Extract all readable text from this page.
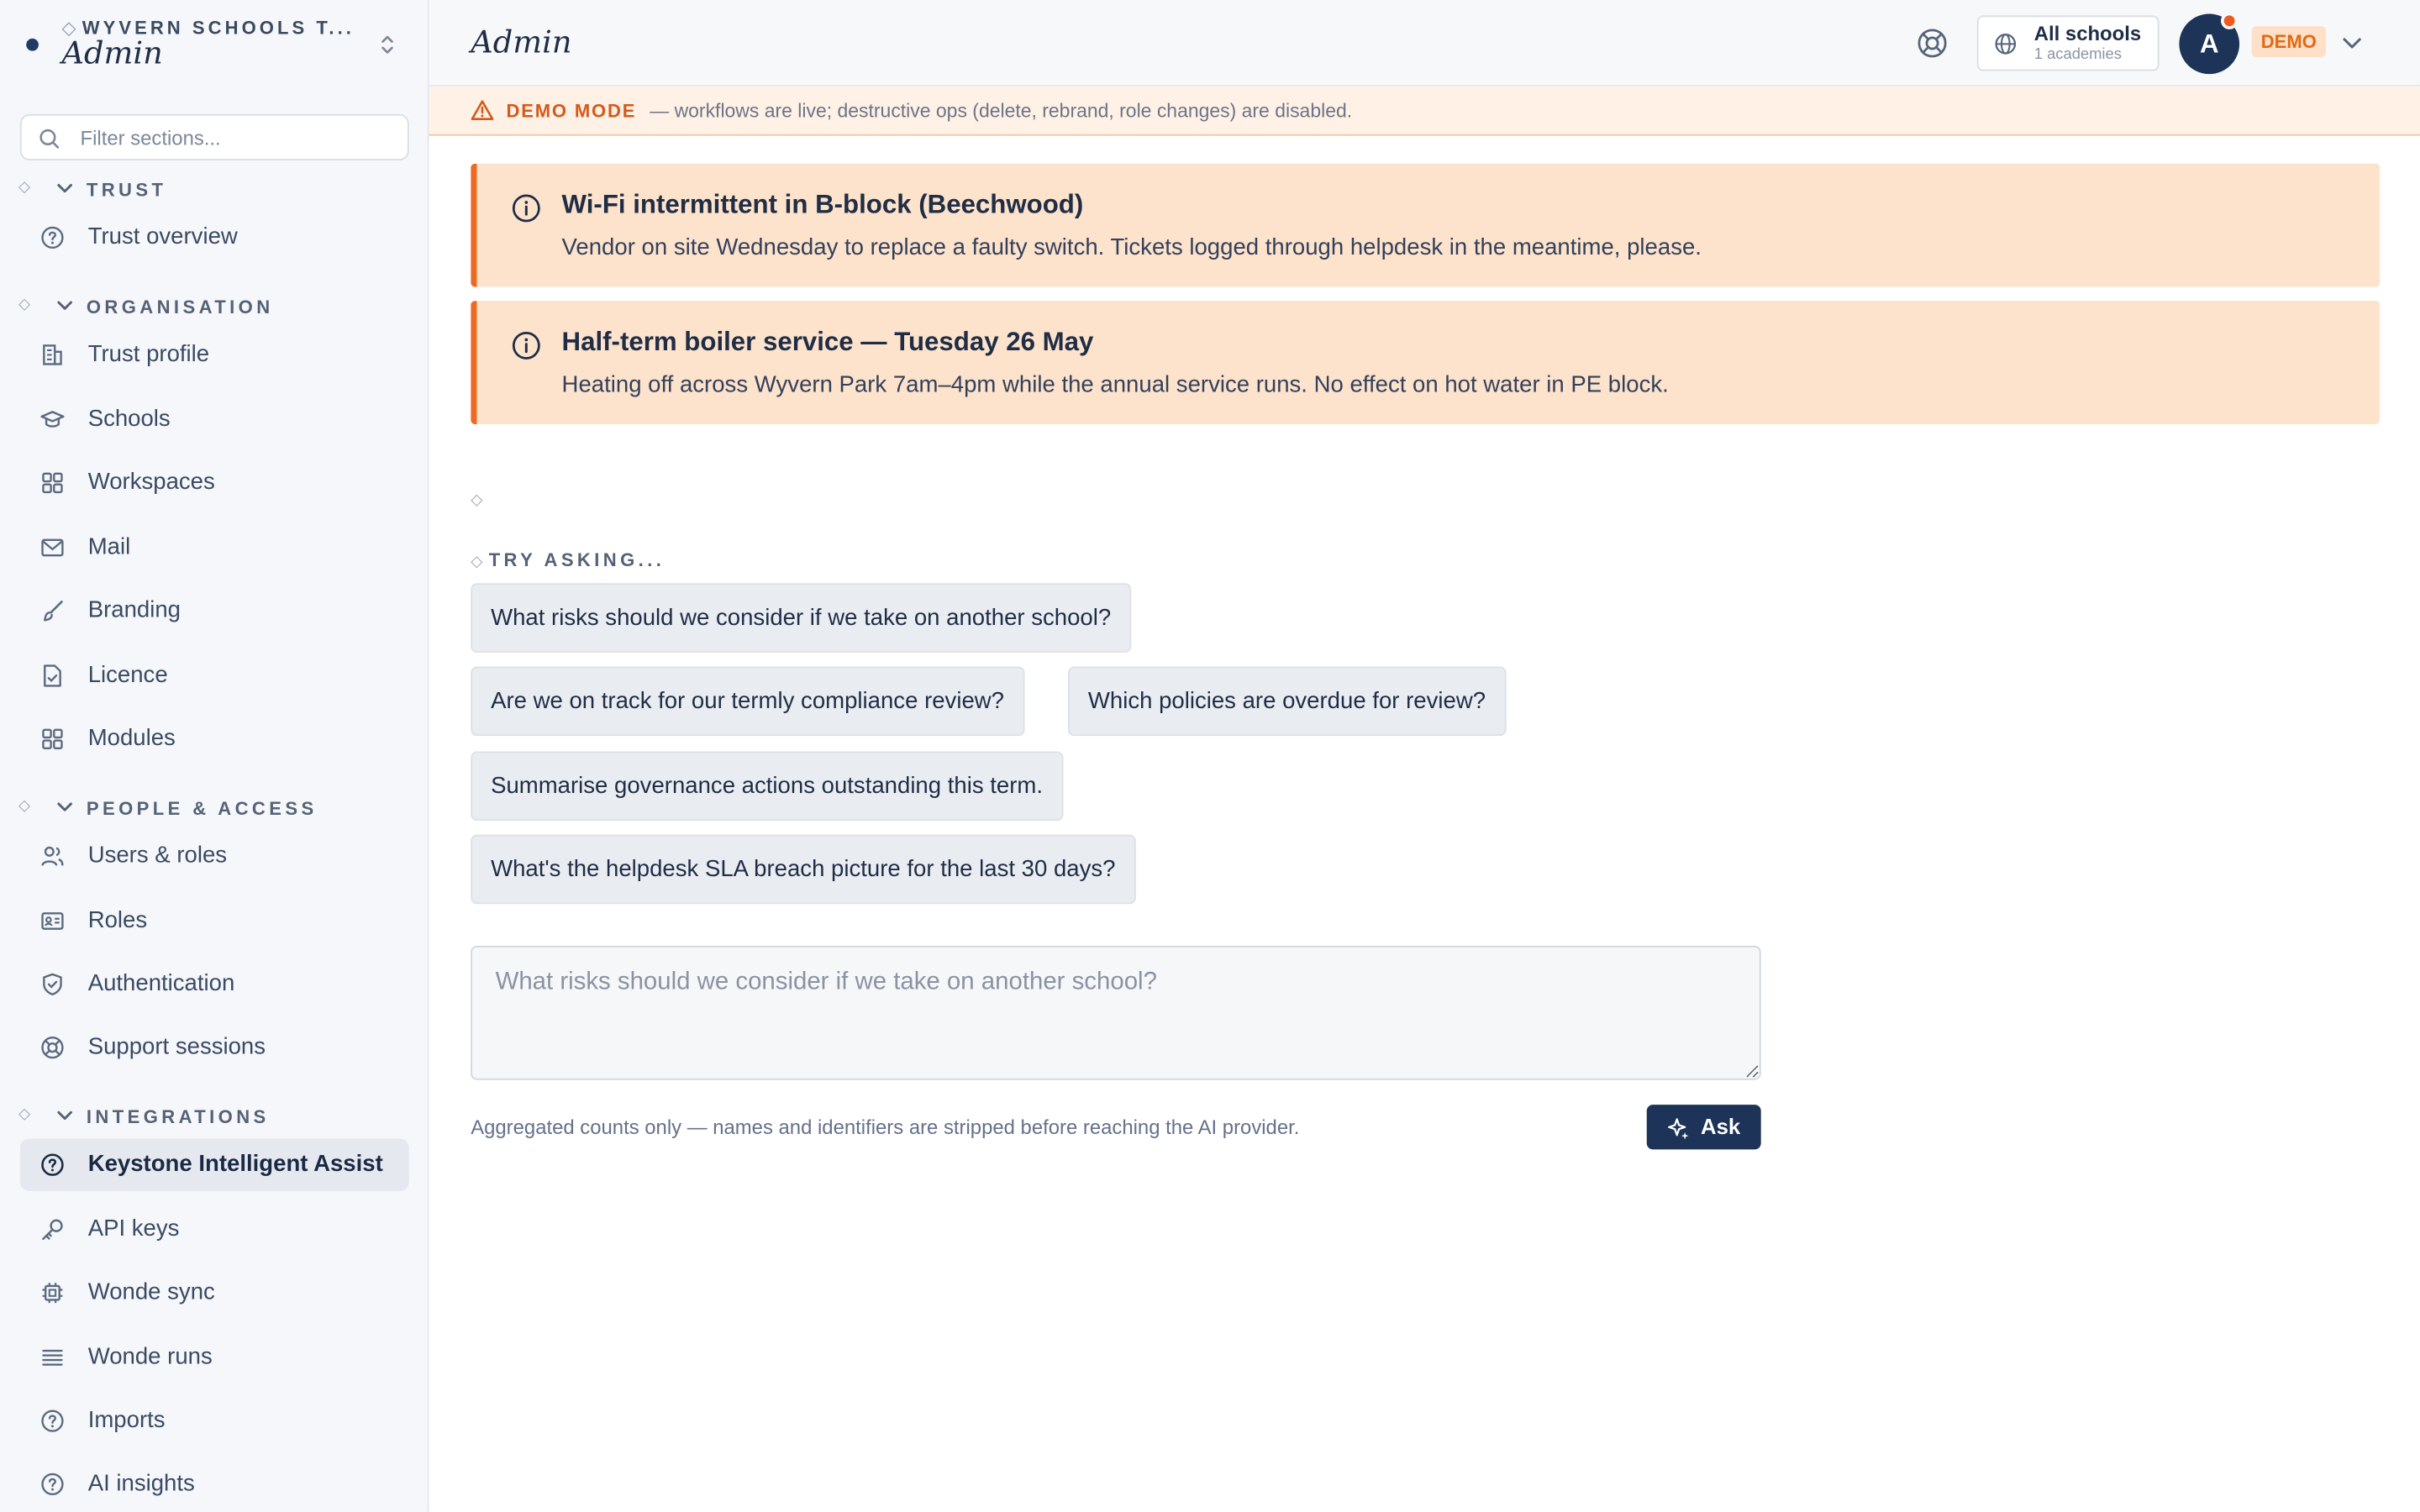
◇ WYVERN SCHOOLS T...
Admin
Filter sections...
◇	TRUST
Trust overview
◇	ORGANISATION
Trust profile
Schools
Workspaces
Mail
Branding
Licence
Modules
◇	PEOPLE & ACCESS
Users & roles
Roles
Authentication
Support sessions
◇	INTEGRATIONS
Keystone Intelligent Assist
API keys
Wonde sync
Wonde runs
Imports
AI insights
Admin	All schools
1 academies	A	DEMO
DEMO MODE — workflows are live; destructive ops (delete, rebrand, role changes) are disabled.
Wi-Fi intermittent in B-block (Beechwood)
Vendor on site Wednesday to replace a faulty switch. Tickets logged through helpdesk in the meantime, please.
Half-term boiler service — Tuesday 26 May
Heating off across Wyvern Park 7am–4pm while the annual service runs. No effect on hot water in PE block.
◇
◇ TRY ASKING...
What risks should we consider if we take on another school?
Are we on track for our termly compliance review?	Which policies are overdue for review?
Summarise governance actions outstanding this term.
What's the helpdesk SLA breach picture for the last 30 days?
What risks should we consider if we take on another school?
Aggregated counts only — names and identifiers are stripped before reaching the AI provider.	Ask
